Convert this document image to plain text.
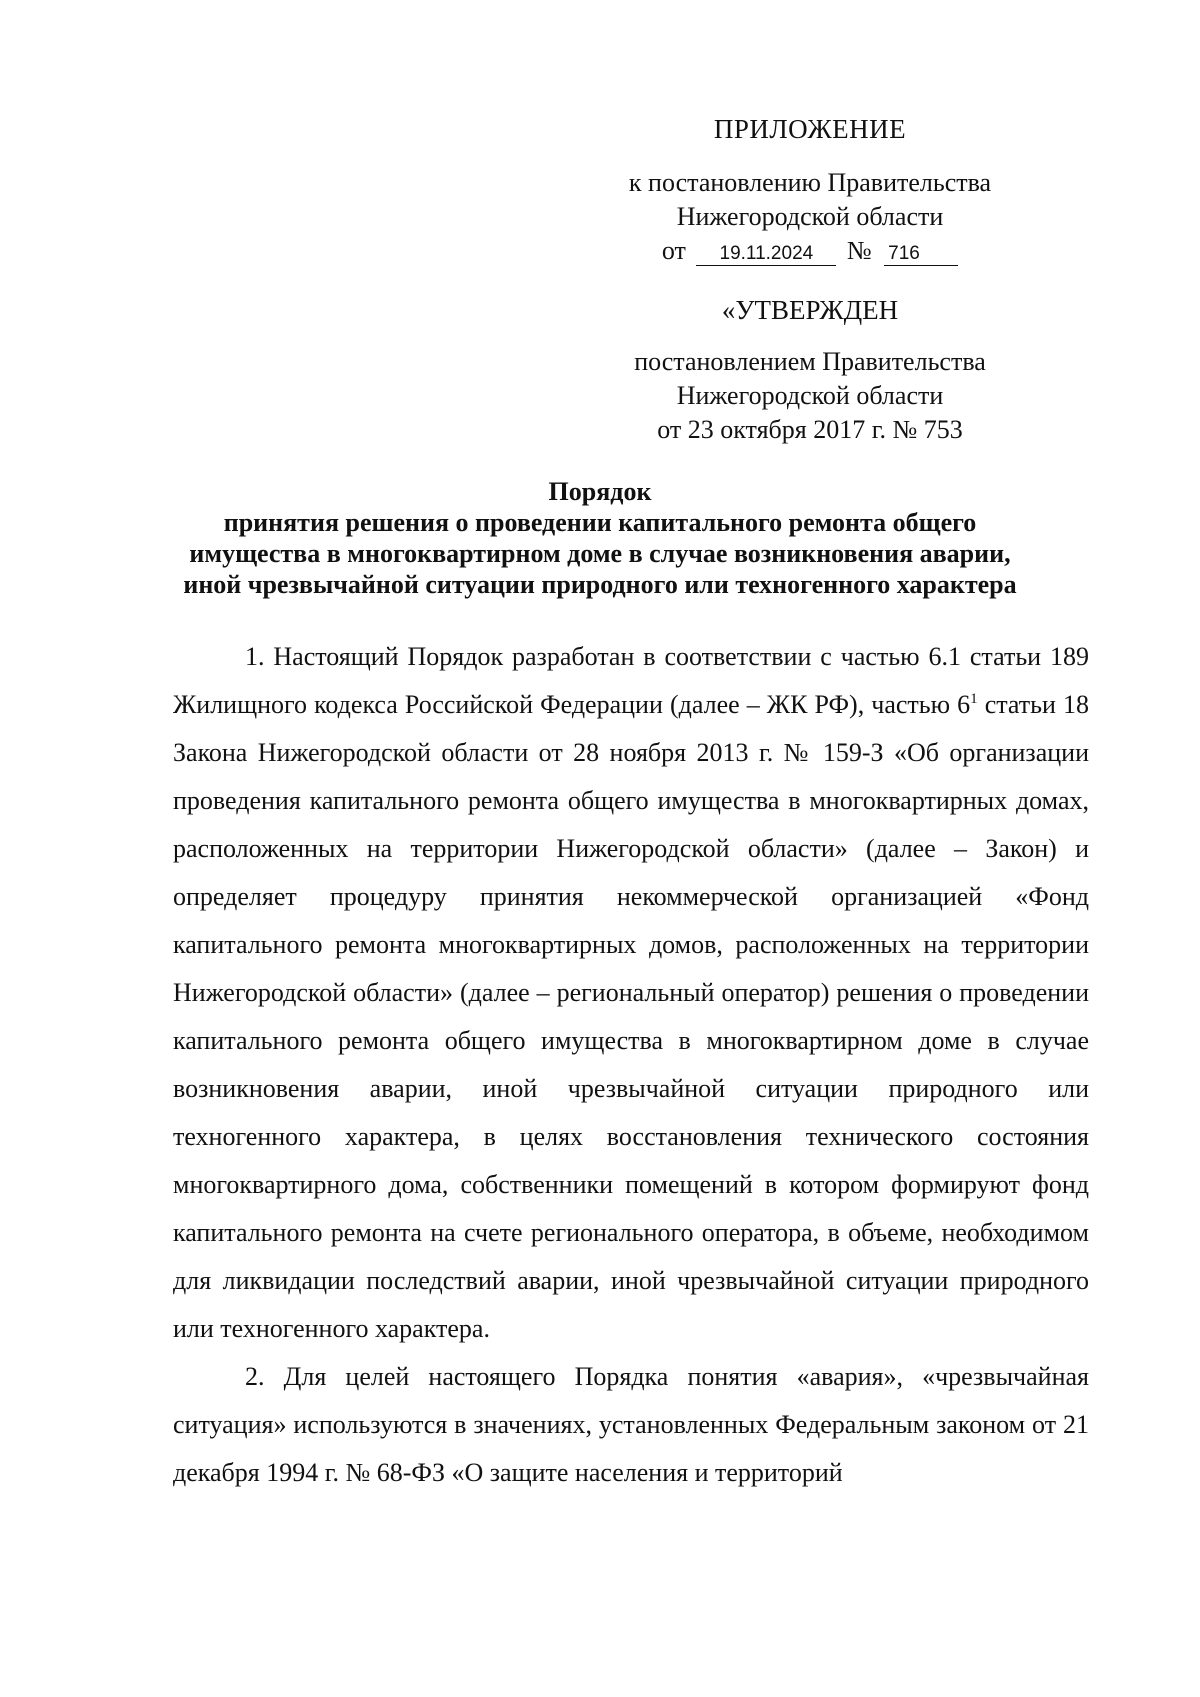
ПРИЛОЖЕНИЕ
к постановлению Правительства
Нижегородской области
от 19.11.2024 № 716
«УТВЕРЖДЕН
постановлением Правительства
Нижегородской области
от 23 октября 2017 г. № 753
Порядок
принятия решения о проведении капитального ремонта общего
имущества в многоквартирном доме в случае возникновения аварии,
иной чрезвычайной ситуации природного или техногенного характера

1. Настоящий Порядок разработан в соответствии с частью 6.1 статьи 189 Жилищного кодекса Российской Федерации (далее – ЖК РФ), частью $6^1$ статьи 18 Закона Нижегородской области от 28 ноября 2013 г. № 159-З «Об организации проведения капитального ремонта общего имущества в многоквартирных домах, расположенных на территории Нижегородской области» (далее – Закон) и определяет процедуру принятия некоммерческой организацией «Фонд капитального ремонта многоквартирных домов, расположенных на территории Нижегородской области» (далее – региональный оператор) решения о проведении капитального ремонта общего имущества в многоквартирном доме в случае возникновения аварии, иной чрезвычайной ситуации природного или техногенного характера, в целях восстановления технического состояния многоквартирного дома, собственники помещений в котором формируют фонд капитального ремонта на счете регионального оператора, в объеме, необходимом для ликвидации последствий аварии, иной чрезвычайной ситуации природного или техногенного характера.

2. Для целей настоящего Порядка понятия «авария», «чрезвычайная ситуация» используются в значениях, установленных Федеральным законом от 21 декабря 1994 г. № 68-ФЗ «О защите населения и территорий
